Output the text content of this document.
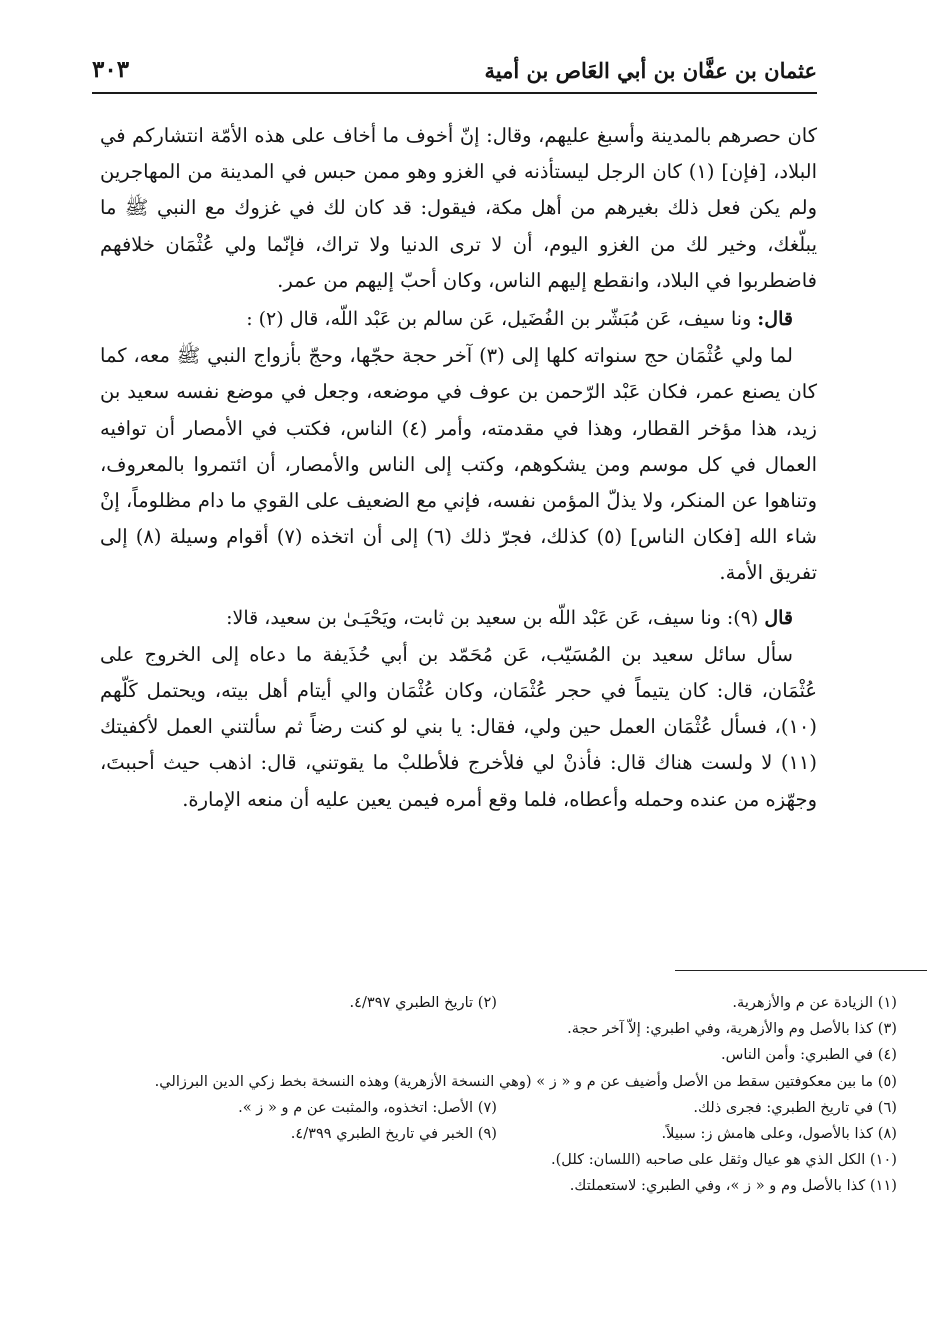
عثمان بن عفَّان بن أبي العَاص بن أمية
٣٠٣

كان حصرهم بالمدينة وأسبغ عليهم، وقال: إنّ أخوف ما أخاف على هذه الأمّة انتشاركم في البلاد، [فإن] (١) كان الرجل ليستأذنه في الغزو وهو ممن حبس في المدينة من المهاجرين ولم يكن فعل ذلك بغيرهم من أهل مكة، فيقول: قد كان لك في غزوك مع النبي ﷺ ما يبلّغك، وخير لك من الغزو اليوم، أن لا ترى الدنيا ولا تراك، فإنّما ولي عُثْمَان خلافهم فاضطربوا في البلاد، وانقطع إليهم الناس، وكان أحبّ إليهم من عمر.

قال: ونا سيف، عَن مُبَشّر بن الفُضَيل، عَن سالم بن عَبْد اللّه، قال (٢) :

لما ولي عُثْمَان حج سنواته كلها إلى (٣) آخر حجة حجّها، وحجّ بأزواج النبي ﷺ معه، كما كان يصنع عمر، فكان عَبْد الرّحمن بن عوف في موضعه، وجعل في موضع نفسه سعيد بن زيد، هذا مؤخر القطار، وهذا في مقدمته، وأمر (٤) الناس، فكتب في الأمصار أن توافيه العمال في كل موسم ومن يشكوهم، وكتب إلى الناس والأمصار، أن ائتمروا بالمعروف، وتناهوا عن المنكر، ولا يذلّ المؤمن نفسه، فإني مع الضعيف على القوي ما دام مظلوماً، إنْ شاء الله [فكان الناس] (٥) كذلك، فجرّ ذلك (٦) إلى أن اتخذه (٧) أقوام وسيلة (٨) إلى تفريق الأمة.

قال (٩): ونا سيف، عَن عَبْد اللّه بن سعيد بن ثابت، ويَحْيَـىٰ بن سعيد، قالا:

سأل سائل سعيد بن المُسَيّب، عَن مُحَمّد بن أبي حُذَيفة ما دعاه إلى الخروج على عُثْمَان، قال: كان يتيماً في حجر عُثْمَان، وكان عُثْمَان والي أيتام أهل بيته، ويحتمل كَلّهم (١٠)، فسأل عُثْمَان العمل حين ولي، فقال: يا بني لو كنت رضاً ثم سألتني العمل لأكفيتك (١١) لا ولست هناك قال: فأذنْ لي فلأخرج فلأطلبْ ما يقوتني، قال: اذهب حيث أحببتَ، وجهّزه من عنده وحمله وأعطاه، فلما وقع أمره فيمن يعين عليه أن منعه الإمارة.

(١) الزيادة عن م والأزهرية.
(٢) تاريخ الطبري ٤/٣٩٧.
(٣) كذا بالأصل وم والأزهرية، وفي اطبري: إلاّ آخر حجة.
(٤) في الطبري: وأمن الناس.
(٥) ما بين معكوفتين سقط من الأصل وأضيف عن م و « ز » (وهي النسخة الأزهرية) وهذه النسخة بخط زكي الدين البرزالي.
(٦) في تاريخ الطبري: فجرى ذلك.
(٧) الأصل: اتخذوه، والمثبت عن م و « ز ».
(٨) كذا بالأصول، وعلى هامش ز: سبيلاً.
(٩) الخبر في تاريخ الطبري ٤/٣٩٩.
(١٠) الكل الذي هو عيال وثقل على صاحبه (اللسان: كلل).
(١١) كذا بالأصل وم و « ز »، وفي الطبري: لاستعملتك.
